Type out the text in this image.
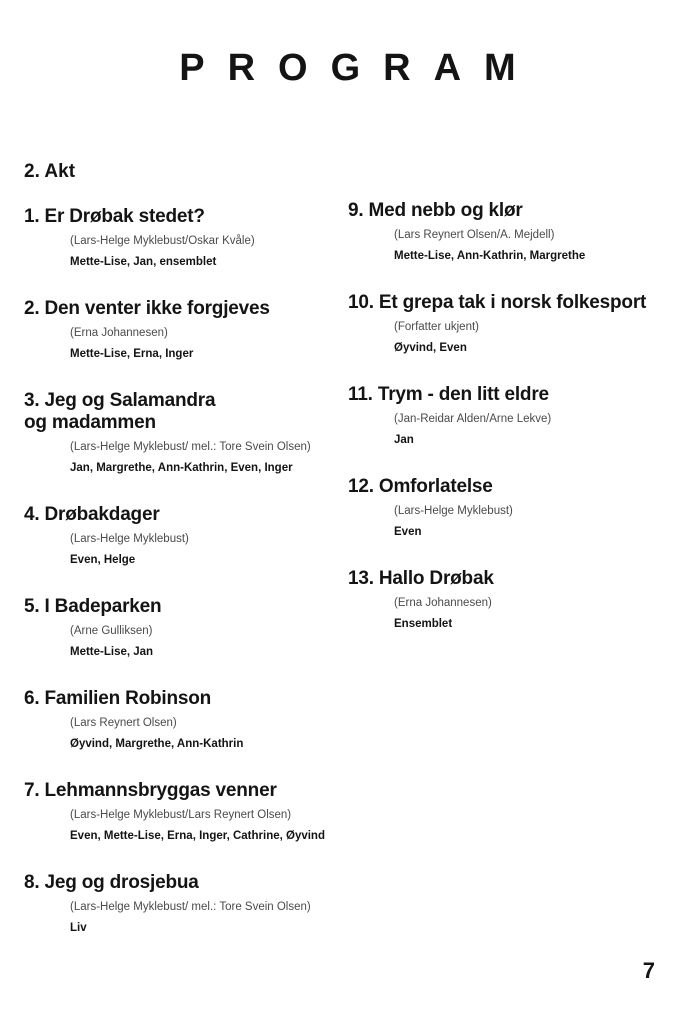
PROGRAM
2. Akt
1. Er Drøbak stedet?
(Lars-Helge Myklebust/Oskar Kvåle)
Mette-Lise, Jan, ensemblet
2. Den venter ikke forgjeves
(Erna Johannesen)
Mette-Lise, Erna, Inger
3. Jeg og Salamandra
og madammen
(Lars-Helge Myklebust/ mel.: Tore Svein Olsen)
Jan, Margrethe, Ann-Kathrin, Even, Inger
4. Drøbakdager
(Lars-Helge Myklebust)
Even, Helge
5. I Badeparken
(Arne Gulliksen)
Mette-Lise, Jan
6. Familien Robinson
(Lars Reynert Olsen)
Øyvind, Margrethe, Ann-Kathrin
7. Lehmannsbryggas venner
(Lars-Helge Myklebust/Lars Reynert Olsen)
Even, Mette-Lise, Erna, Inger, Cathrine, Øyvind
8. Jeg og drosjebua
(Lars-Helge Myklebust/ mel.: Tore Svein Olsen)
Liv
9. Med nebb og klør
(Lars Reynert Olsen/A. Mejdell)
Mette-Lise, Ann-Kathrin, Margrethe
10. Et grepa tak i norsk folkesport
(Forfatter ukjent)
Øyvind, Even
11. Trym - den litt eldre
(Jan-Reidar Alden/Arne Lekve)
Jan
12. Omforlatelse
(Lars-Helge Myklebust)
Even
13. Hallo Drøbak
(Erna Johannesen)
Ensemblet
7
